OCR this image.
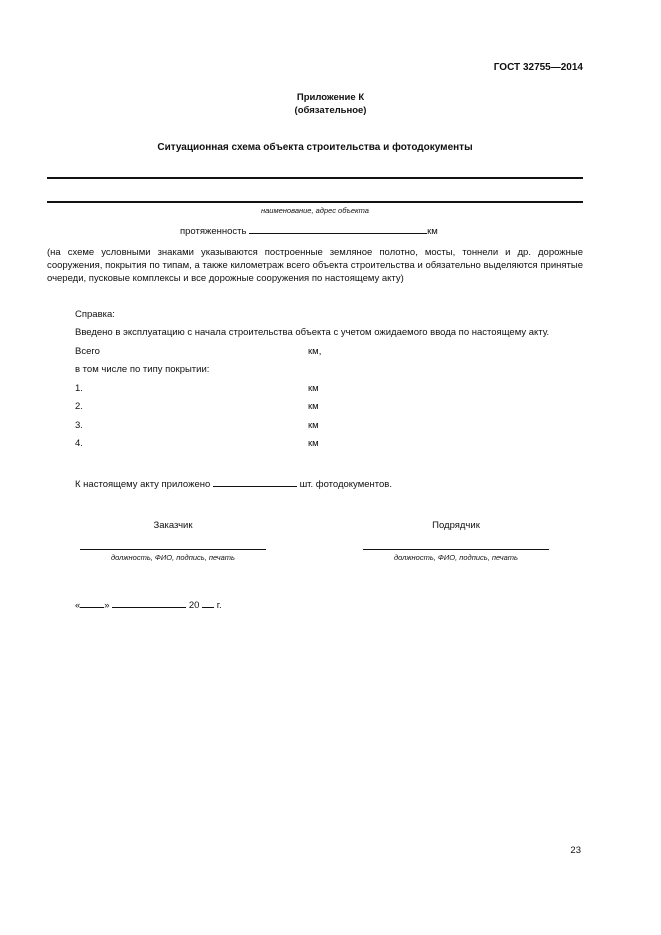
ГОСТ 32755—2014
Приложение К
(обязательное)
Ситуационная схема объекта строительства и фотодокументы
наименование, адрес объекта
протяженность	км
(на схеме условными знаками указываются построенные земляное полотно, мосты, тоннели и др. дорожные сооружения, покрытия по типам, а также километраж всего объекта строительства и обязательно выделяются принятые очереди, пусковые комплексы и все дорожные сооружения по настоящему акту)
Справка:
Введено в эксплуатацию с начала строительства объекта с учетом ожидаемого ввода по настоящему акту.
Всего	км,
в том числе по типу покрытии:
1.	км
2.	км
3.	км
4.	км
К настоящему акту приложено	шт. фотодокументов.
Заказчик
должность, ФИО, подпись, печать
Подрядчик
должность, ФИО, подпись, печать
«	»	20 г.
23
